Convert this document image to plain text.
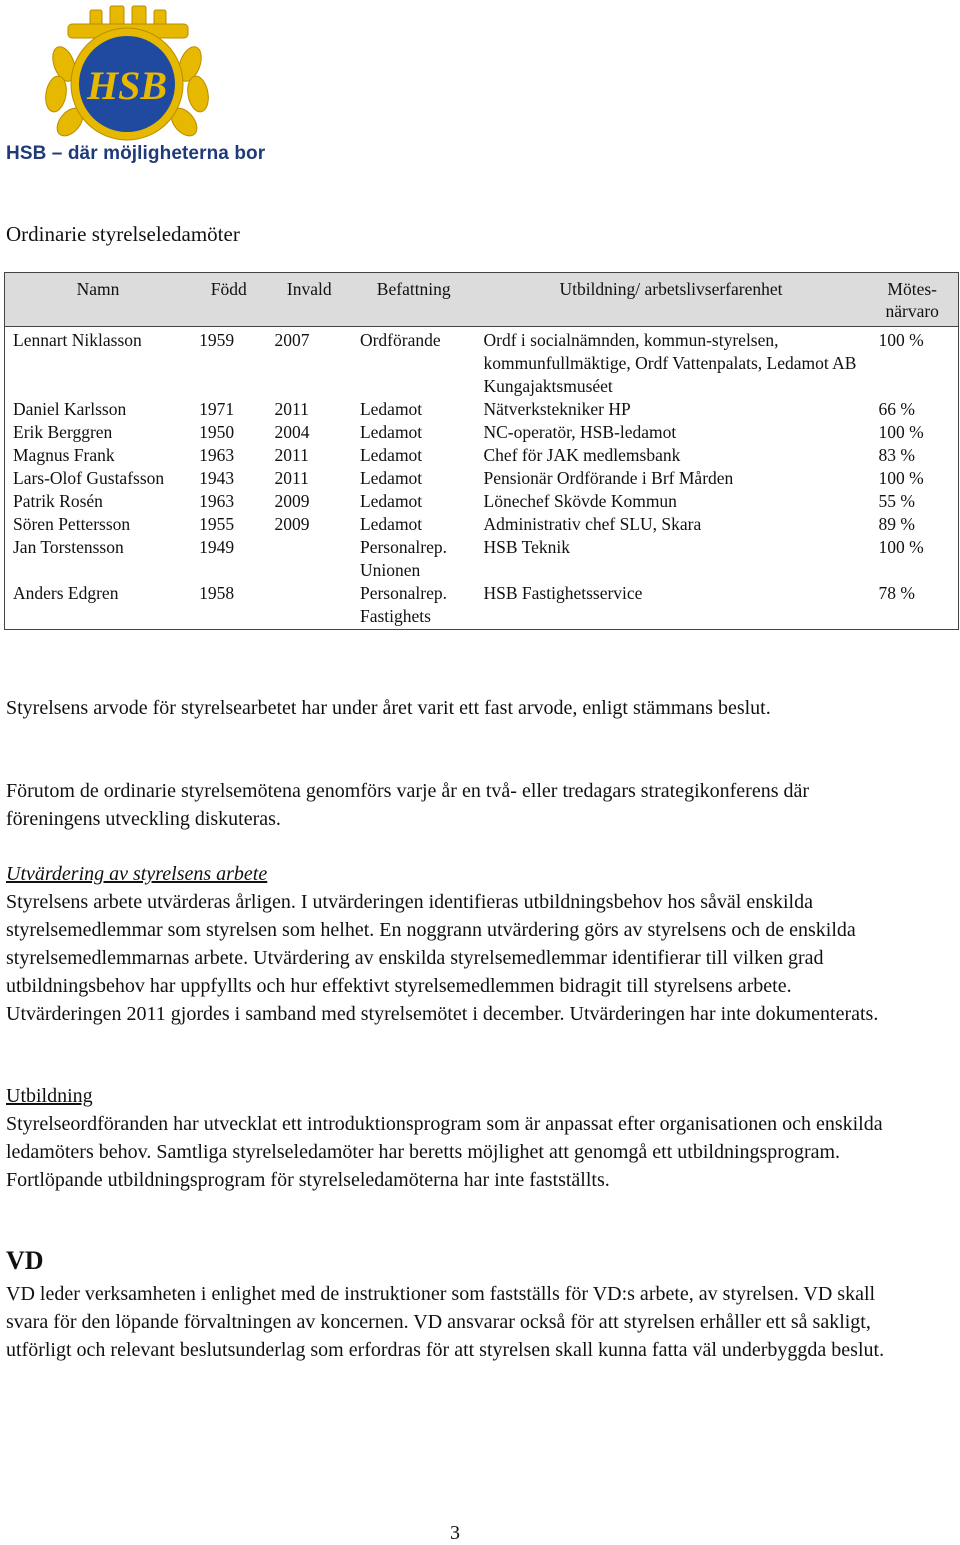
HSB
HSB – där möjligheterna bor
Ordinarie styrelseledamöter
Namn	Född	Invald	Befattning	Utbildning/ arbetslivserfarenhet	Mötes-
närvaro
Lennart Niklasson	1959	2007	Ordförande	Ordf i socialnämnden, kommun-styrelsen, kommunfullmäktige, Ordf Vattenpalats, Ledamot AB Kungajaktsmuséet	100 %
Daniel Karlsson	1971	2011	Ledamot	Nätverkstekniker HP	66 %
Erik Berggren	1950	2004	Ledamot	NC-operatör, HSB-ledamot	100 %
Magnus Frank	1963	2011	Ledamot	Chef för JAK medlemsbank	83 %
Lars-Olof Gustafsson	1943	2011	Ledamot	Pensionär Ordförande i Brf Mården	100 %
Patrik Rosén	1963	2009	Ledamot	Lönechef Skövde Kommun	55 %
Sören Pettersson	1955	2009	Ledamot	Administrativ chef SLU, Skara	89 %
Jan Torstensson	1949		Personalrep. Unionen	HSB Teknik	100 %
Anders Edgren	1958		Personalrep. Fastighets	HSB Fastighetsservice	78 %

Styrelsens arvode för styrelsearbetet har under året varit ett fast arvode, enligt stämmans beslut.

Förutom de ordinarie styrelsemötena genomförs varje år en två- eller tredagars strategikonferens där föreningens utveckling diskuteras.

Utvärdering av styrelsens arbete
Styrelsens arbete utvärderas årligen. I utvärderingen identifieras utbildningsbehov hos såväl enskilda styrelsemedlemmar som styrelsen som helhet. En noggrann utvärdering görs av styrelsens och de enskilda styrelsemedlemmarnas arbete. Utvärdering av enskilda styrelsemedlemmar identifierar till vilken grad utbildningsbehov har uppfyllts och hur effektivt styrelsemedlemmen bidragit till styrelsens arbete. Utvärderingen 2011 gjordes i samband med styrelsemötet i december. Utvärderingen har inte dokumenterats.
Utbildning
Styrelseordföranden har utvecklat ett introduktionsprogram som är anpassat efter organisationen och enskilda ledamöters behov. Samtliga styrelseledamöter har beretts möjlighet att genomgå ett utbildningsprogram. Fortlöpande utbildningsprogram för styrelseledamöterna har inte fastställts.
VD

VD leder verksamheten i enlighet med de instruktioner som fastställs för VD:s arbete, av styrelsen. VD skall svara för den löpande förvaltningen av koncernen. VD ansvarar också för att styrelsen erhåller ett så sakligt, utförligt och relevant beslutsunderlag som erfordras för att styrelsen skall kunna fatta väl underbyggda beslut.

3
